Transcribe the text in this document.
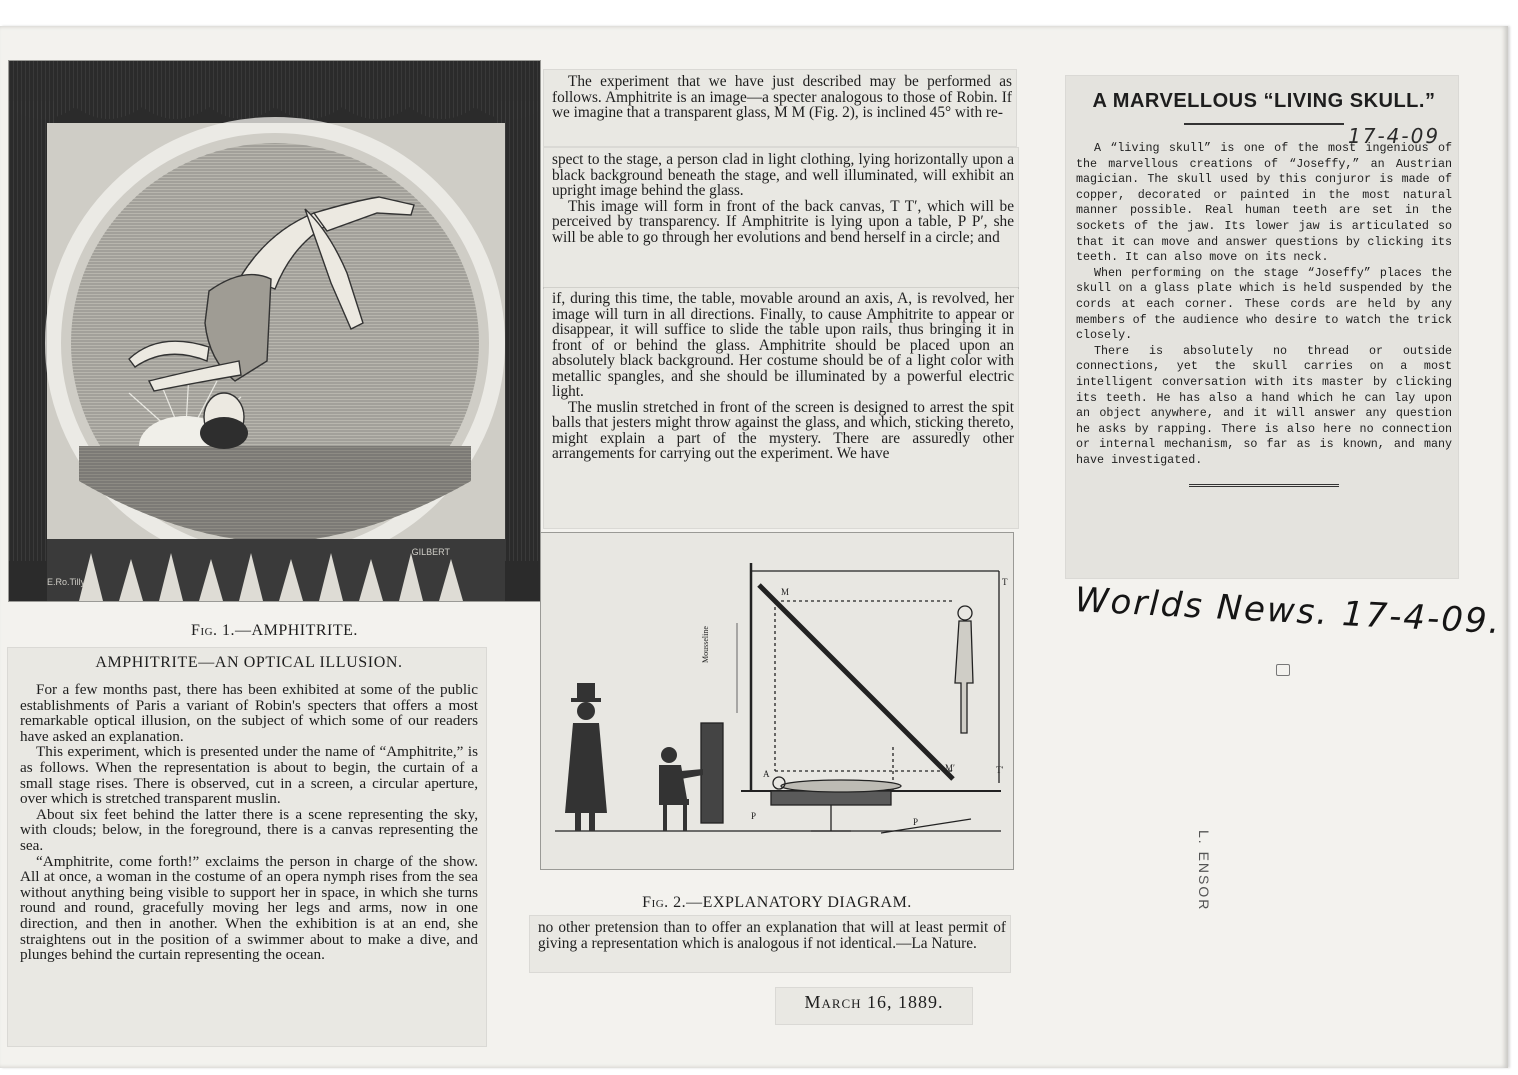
E.Ro.Tilly
GILBERT
Fig. 1.—AMPHITRITE.
AMPHITRITE—AN OPTICAL ILLUSION.

For a few months past, there has been exhibited at some of the public establishments of Paris a variant of Robin's specters that offers a most remarkable optical illusion, on the subject of which some of our readers have asked an explanation.

This experiment, which is presented under the name of “Amphitrite,” is as follows. When the representation is about to begin, the curtain of a small stage rises. There is observed, cut in a screen, a circular aperture, over which is stretched transparent muslin.

About six feet behind the latter there is a scene representing the sky, with clouds; below, in the foreground, there is a canvas representing the sea.

“Amphitrite, come forth!” exclaims the person in charge of the show. All at once, a woman in the costume of an opera nymph rises from the sea without anything being visible to support her in space, in which she turns round and round, gracefully moving her legs and arms, now in one direction, and then in another. When the exhibition is at an end, she straightens out in the position of a swimmer about to make a dive, and plunges behind the curtain representing the ocean.

The experiment that we have just described may be performed as follows. Amphitrite is an image—a specter analogous to those of Robin. If we imagine that a transparent glass, M M (Fig. 2), is inclined 45° with re-

spect to the stage, a person clad in light clothing, lying horizontally upon a black background beneath the stage, and well illuminated, will exhibit an upright image behind the glass.

This image will form in front of the back canvas, T T′, which will be perceived by transparency. If Amphitrite is lying upon a table, P P′, she will be able to go through her evolutions and bend herself in a circle; and

if, during this time, the table, movable around an axis, A, is revolved, her image will turn in all directions. Finally, to cause Amphitrite to appear or disappear, it will suffice to slide the table upon rails, thus bringing it in front of or behind the glass. Amphitrite should be placed upon an absolutely black background. Her costume should be of a light color with metallic spangles, and she should be illuminated by a powerful electric light.

The muslin stretched in front of the screen is designed to arrest the spit balls that jesters might throw against the glass, and which, sticking thereto, might explain a part of the mystery. There are assuredly other arrangements for carrying out the experiment. We have

M
T
T′
M′
A
P
P
Mousseline
Fig. 2.—EXPLANATORY DIAGRAM.

no other pretension than to offer an explanation that will at least permit of giving a representation which is analogous if not identical.—La Nature.

March 16, 1889.
A MARVELLOUS “LIVING SKULL.”
17-4-09

A “living skull” is one of the most ingenious of the marvellous creations of “Joseffy,” an Austrian magician. The skull used by this conjuror is made of copper, decorated or painted in the most natural manner possible. Real human teeth are set in the sockets of the jaw. Its lower jaw is articulated so that it can move and answer questions by clicking its teeth. It can also move on its neck.

When performing on the stage “Joseffy” places the skull on a glass plate which is held suspended by the cords at each corner. These cords are held by any members of the audience who desire to watch the trick closely.

There is absolutely no thread or outside connections, yet the skull carries on a most intelligent conversation with its master by clicking its teeth. He has also a hand which he can lay upon an object anywhere, and it will answer any question he asks by rapping. There is also here no connection or internal mechanism, so far as is known, and many have investigated.

Worlds News. 17-4-09.
L. ENSOR
